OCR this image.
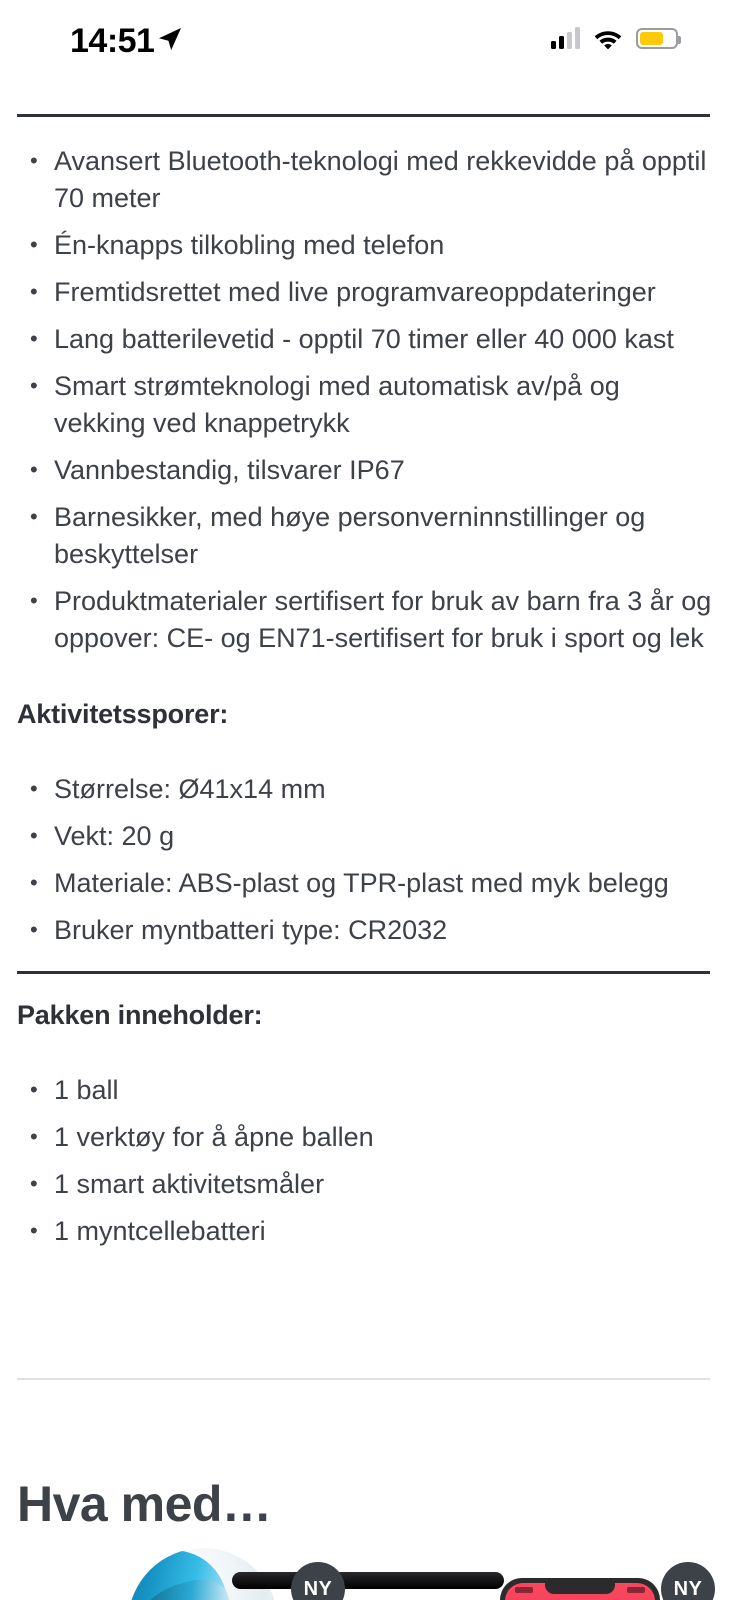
14:51
• Avansert Bluetooth-teknologi med rekkevidde på opptil 70 meter
• Én-knapps tilkobling med telefon
• Fremtidsrettet med live programvareoppdateringer
• Lang batterilevetid - opptil 70 timer eller 40 000 kast
• Smart strømteknologi med automatisk av/på og vekking ved knappetrykk
• Vannbestandig, tilsvarer IP67
• Barnesikker, med høye personverninnstillinger og beskyttelser
• Produktmaterialer sertifisert for bruk av barn fra 3 år og oppover: CE- og EN71-sertifisert for bruk i sport og lek
Aktivitetssporer:
• Størrelse: Ø41x14 mm
• Vekt: 20 g
• Materiale: ABS-plast og TPR-plast med myk belegg
• Bruker myntbatteri type: CR2032
Pakken inneholder:
• 1 ball
• 1 verktøy for å åpne ballen
• 1 smart aktivitetsmåler
• 1 myntcellebatteri
Hva med…
NY	NY
